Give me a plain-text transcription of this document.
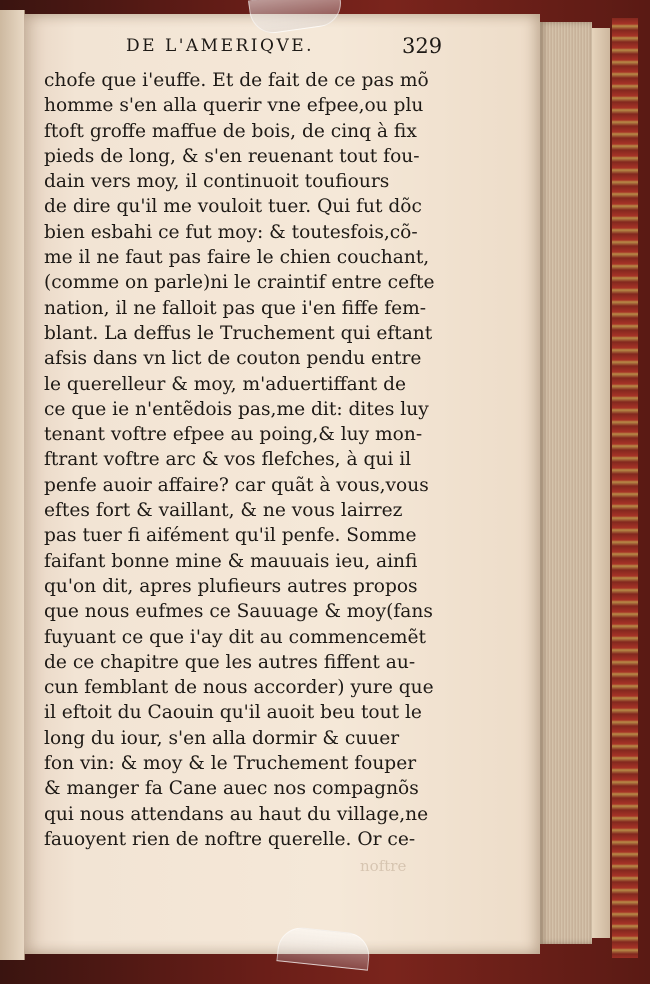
DE L'AMERIQVE.	329
chofe que i'euffe. Et de fait de ce pas mõ
homme s'en alla querir vne efpee,ou plu
ftoft groffe maffue de bois, de cinq à fix
pieds de long, & s'en reuenant tout fou-
dain vers moy, il continuoit toufiours
de dire qu'il me vouloit tuer. Qui fut dõc
bien esbahi ce fut moy: & toutesfois,cõ-
me il ne faut pas faire le chien couchant,
(comme on parle)ni le craintif entre cefte
nation, il ne falloit pas que i'en fiffe fem-
blant. La deffus le Truchement qui eftant
afsis dans vn lict de couton pendu entre
le querelleur & moy, m'aduertiffant de
ce que ie n'entẽdois pas,me dit: dites luy
tenant voftre efpee au poing,& luy mon-
ftrant voftre arc & vos flefches, à qui il
penfe auoir affaire? car quãt à vous,vous
eftes fort & vaillant, & ne vous lairrez
pas tuer fi aifément qu'il penfe. Somme
faifant bonne mine & mauuais ieu, ainfi
qu'on dit, apres plufieurs autres propos
que nous eufmes ce Sauuage & moy(fans
fuyuant ce que i'ay dit au commencemẽt
de ce chapitre que les autres fiffent au-
cun femblant de nous accorder) yure que
il eftoit du Caouin qu'il auoit beu tout le
long du iour, s'en alla dormir & cuuer
fon vin: & moy & le Truchement fouper
& manger fa Cane auec nos compagnõs
qui nous attendans au haut du village,ne
fauoyent rien de noftre querelle. Or ce-
noftre
